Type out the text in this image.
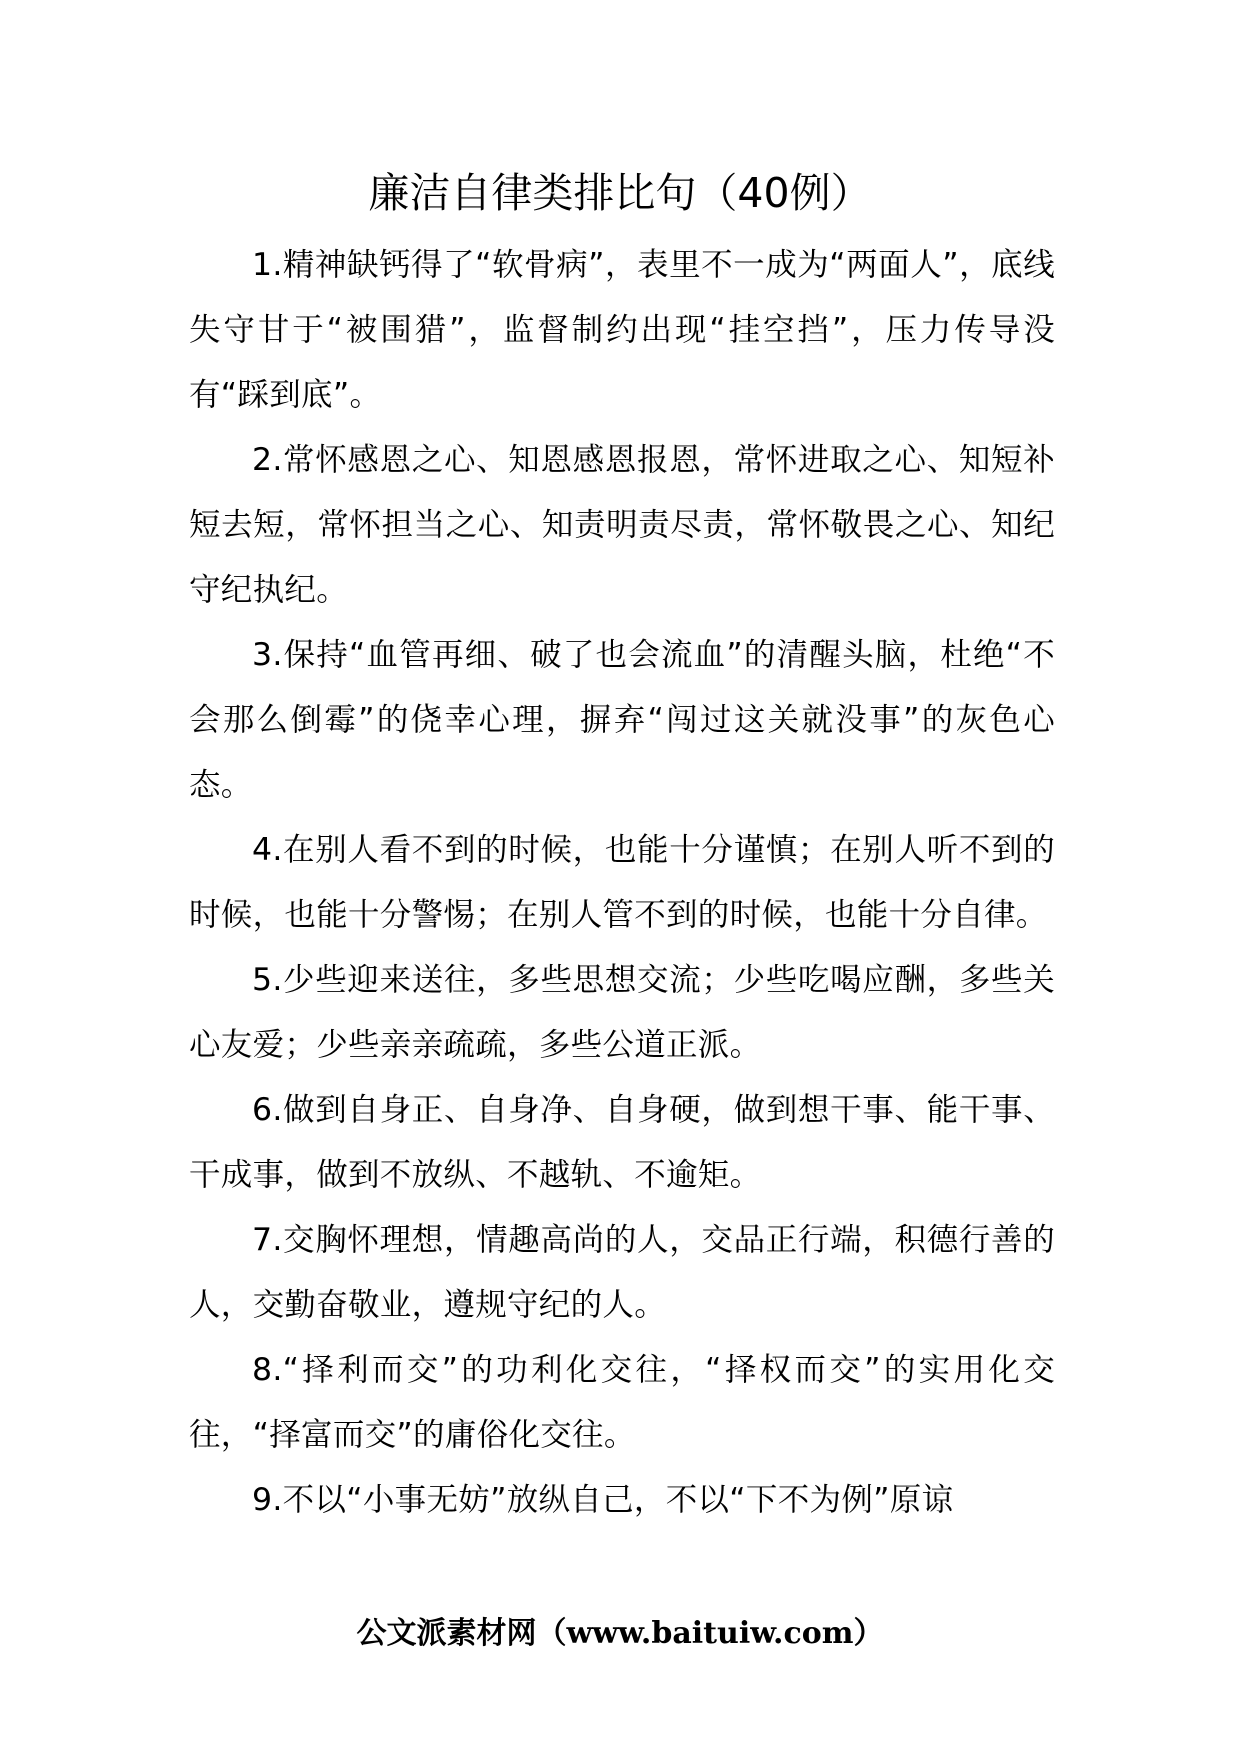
廉洁自律类排比句（40例）

1.精神缺钙得了“软骨病”，表里不一成为“两面人”，底线失守甘于“被围猎”，监督制约出现“挂空挡”，压力传导没有“踩到底”。

2.常怀感恩之心、知恩感恩报恩，常怀进取之心、知短补短去短，常怀担当之心、知责明责尽责，常怀敬畏之心、知纪守纪执纪。

3.保持“血管再细、破了也会流血”的清醒头脑，杜绝“不会那么倒霉”的侥幸心理，摒弃“闯过这关就没事”的灰色心态。

4.在别人看不到的时候，也能十分谨慎；在别人听不到的时候，也能十分警惕；在别人管不到的时候，也能十分自律。

5.少些迎来送往，多些思想交流；少些吃喝应酬，多些关心友爱；少些亲亲疏疏，多些公道正派。

6.做到自身正、自身净、自身硬，做到想干事、能干事、干成事，做到不放纵、不越轨、不逾矩。

7.交胸怀理想，情趣高尚的人，交品正行端，积德行善的人，交勤奋敬业，遵规守纪的人。

8.“择利而交”的功利化交往，“择权而交”的实用化交往，“择富而交”的庸俗化交往。

9.不以“小事无妨”放纵自己，不以“下不为例”原谅

公文派素材网（www.baituiw.com）
